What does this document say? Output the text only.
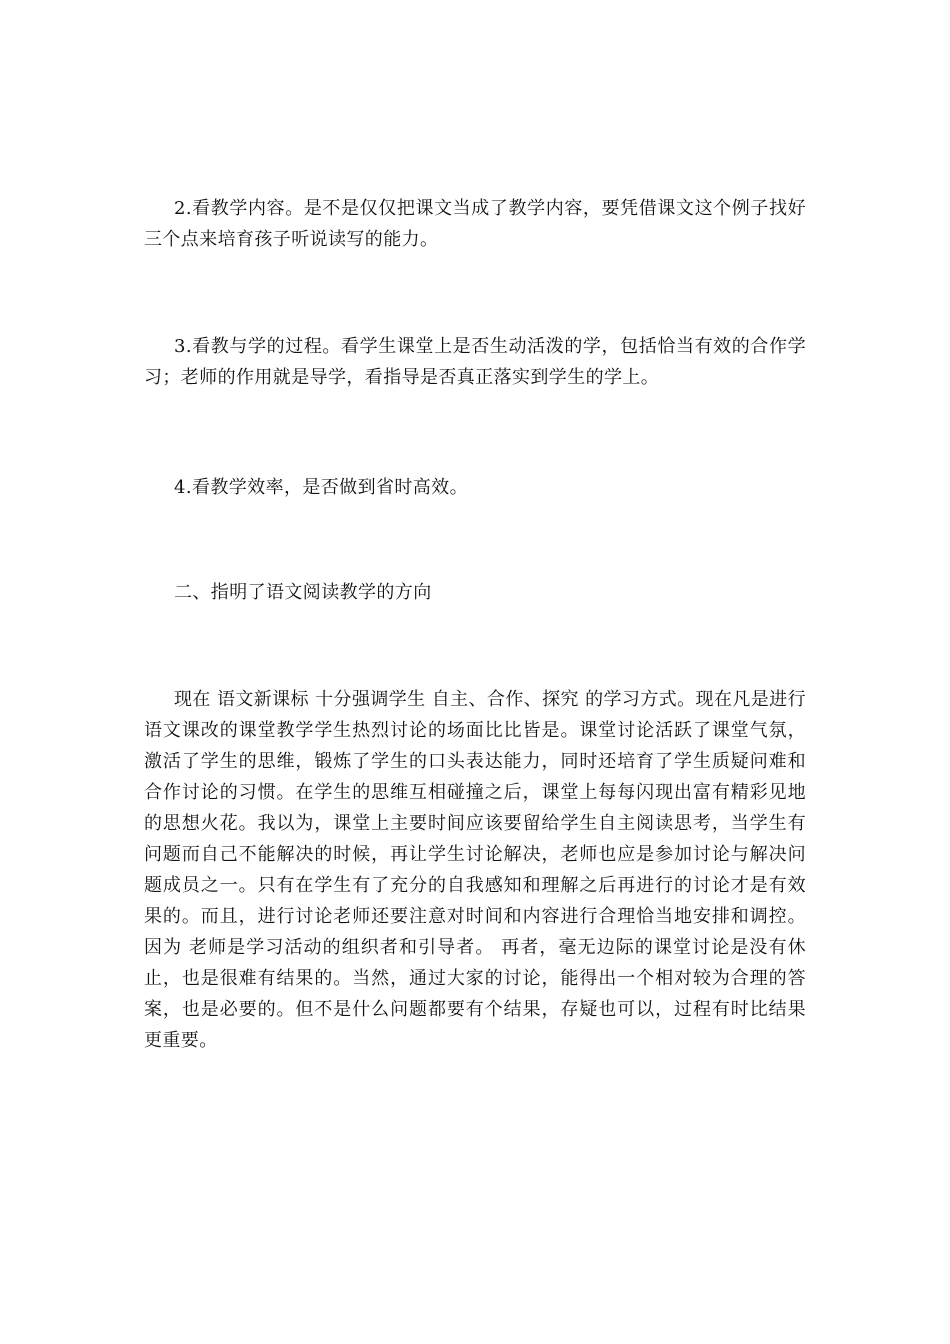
2.看教学内容。是不是仅仅把课文当成了教学内容，要凭借课文这个例子找好三个点来培育孩子听说读写的能力。

3.看教与学的过程。看学生课堂上是否生动活泼的学，包括恰当有效的合作学习；老师的作用就是导学，看指导是否真正落实到学生的学上。

4.看教学效率，是否做到省时高效。

二、指明了语文阅读教学的方向

现在 语文新课标 十分强调学生 自主、合作、探究 的学习方式。现在凡是进行语文课改的课堂教学学生热烈讨论的场面比比皆是。课堂讨论活跃了课堂气氛，激活了学生的思维，锻炼了学生的口头表达能力，同时还培育了学生质疑问难和合作讨论的习惯。在学生的思维互相碰撞之后，课堂上每每闪现出富有精彩见地的思想火花。我以为，课堂上主要时间应该要留给学生自主阅读思考，当学生有问题而自己不能解决的时候，再让学生讨论解决，老师也应是参加讨论与解决问题成员之一。只有在学生有了充分的自我感知和理解之后再进行的讨论才是有效果的。而且，进行讨论老师还要注意对时间和内容进行合理恰当地安排和调控。因为 老师是学习活动的组织者和引导者。 再者，毫无边际的课堂讨论是没有休止，也是很难有结果的。当然，通过大家的讨论，能得出一个相对较为合理的答案，也是必要的。但不是什么问题都要有个结果，存疑也可以，过程有时比结果更重要。
